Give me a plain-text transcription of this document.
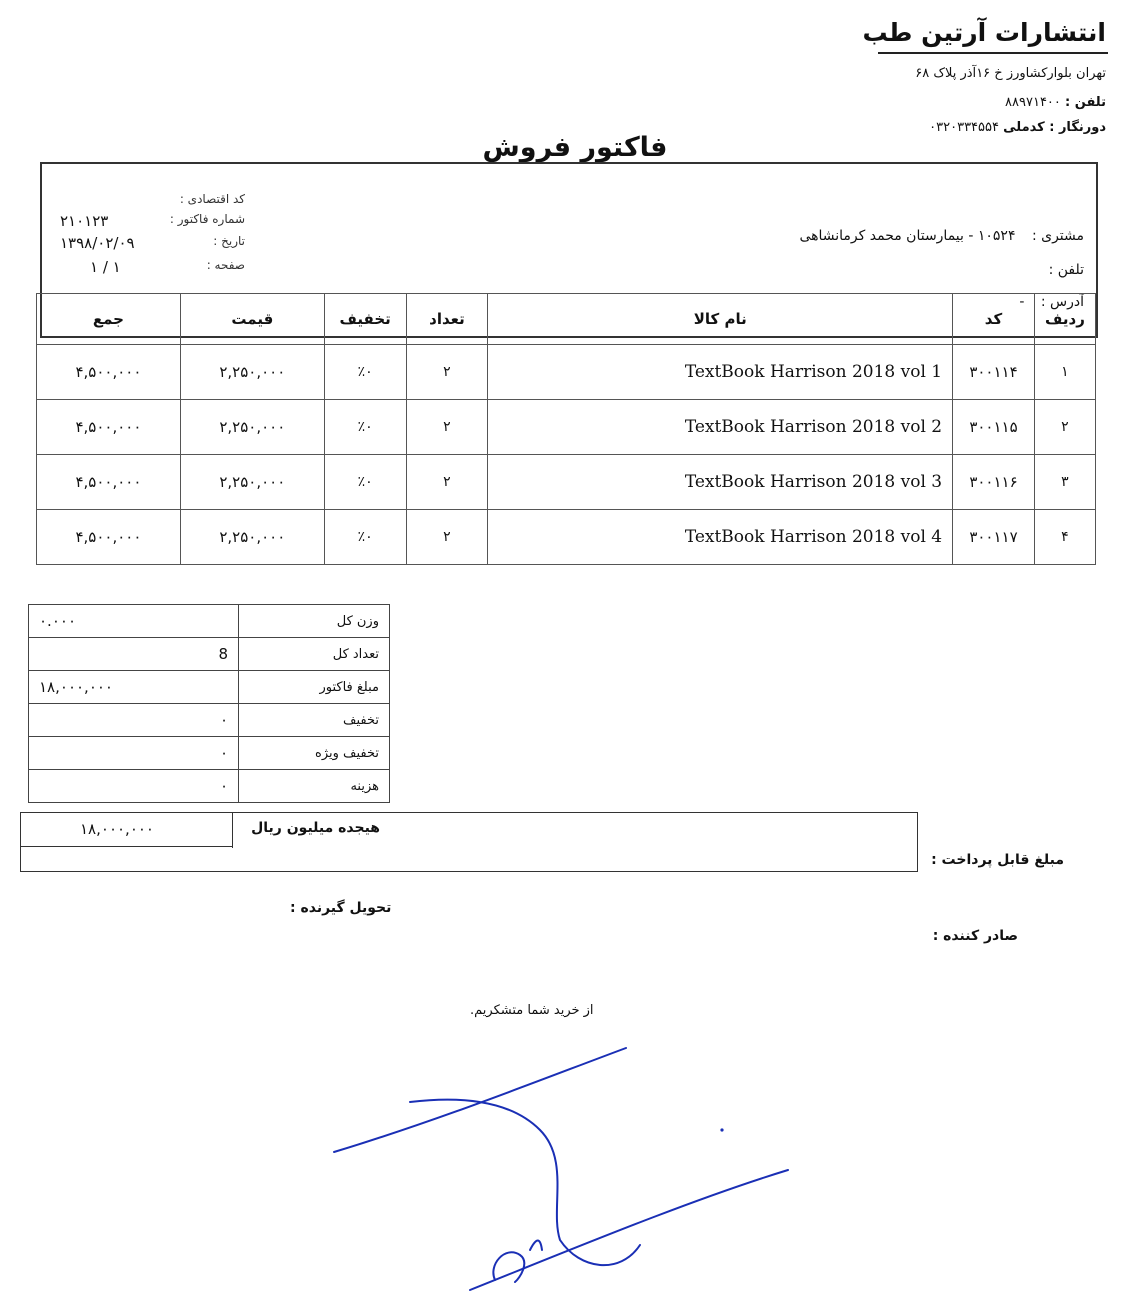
انتشارات آرتین طب
تهران بلوارکشاورز خ ۱۶آذر پلاک ۶۸
تلفن : ۸۸۹۷۱۴۰۰
دورنگار : کدملی ۰۳۲۰۳۳۴۵۵۴
فاکتور فروش
کد اقتصادی :
شماره فاکتور :
۲۱۰۱۲۳
تاریخ :
۱۳۹۸/۰۲/۰۹
صفحه :
۱ / ۱
مشتری : ۱۰۵۲۴ - بیمارستان محمد کرمانشاهی
تلفن :
آدرس : -
جمع	قیمت	تخفیف	تعداد	نام کالا	کد	ردیف
۴,۵۰۰,۰۰۰	۲,۲۵۰,۰۰۰	٪۰	۲	TextBook Harrison 2018 vol 1	۳۰۰۱۱۴	۱
۴,۵۰۰,۰۰۰	۲,۲۵۰,۰۰۰	٪۰	۲	TextBook Harrison 2018 vol 2	۳۰۰۱۱۵	۲
۴,۵۰۰,۰۰۰	۲,۲۵۰,۰۰۰	٪۰	۲	TextBook Harrison 2018 vol 3	۳۰۰۱۱۶	۳
۴,۵۰۰,۰۰۰	۲,۲۵۰,۰۰۰	٪۰	۲	TextBook Harrison 2018 vol 4	۳۰۰۱۱۷	۴
۰.۰۰۰	وزن کل
8	تعداد کل
۱۸,۰۰۰,۰۰۰	مبلغ فاکتور
۰	تخفیف
۰	تخفیف ویژه
۰	هزینه
۱۸,۰۰۰,۰۰۰	هیجده میلیون ریال
مبلغ قابل پرداخت :
تحویل گیرنده :
صادر کننده :
از خرید شما متشکریم.
